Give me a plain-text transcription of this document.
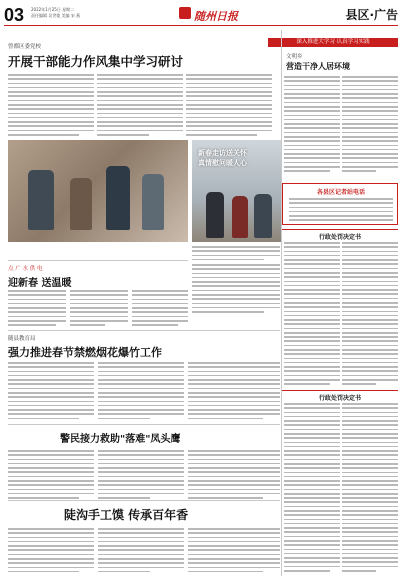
03 2022年1月25日 星期二
责任编辑 吴世俊 美编 宋 燕	随州日报	县区·广告
曾都区委党校
开展干部能力作风集中学习研讨
深入推进大学习 认真学习实践
文明乡
营造干净人居环境
新春走访送关怀
真情慰问暖人心
各县区记者站电话
行政处罚决定书
点 广 水 供 电
迎新春 送温暖
随县教育局
强力推进春节禁燃烟花爆竹工作
警民接力救助"落难"凤头鹰
陡沟手工馍 传承百年香
行政处罚决定书
